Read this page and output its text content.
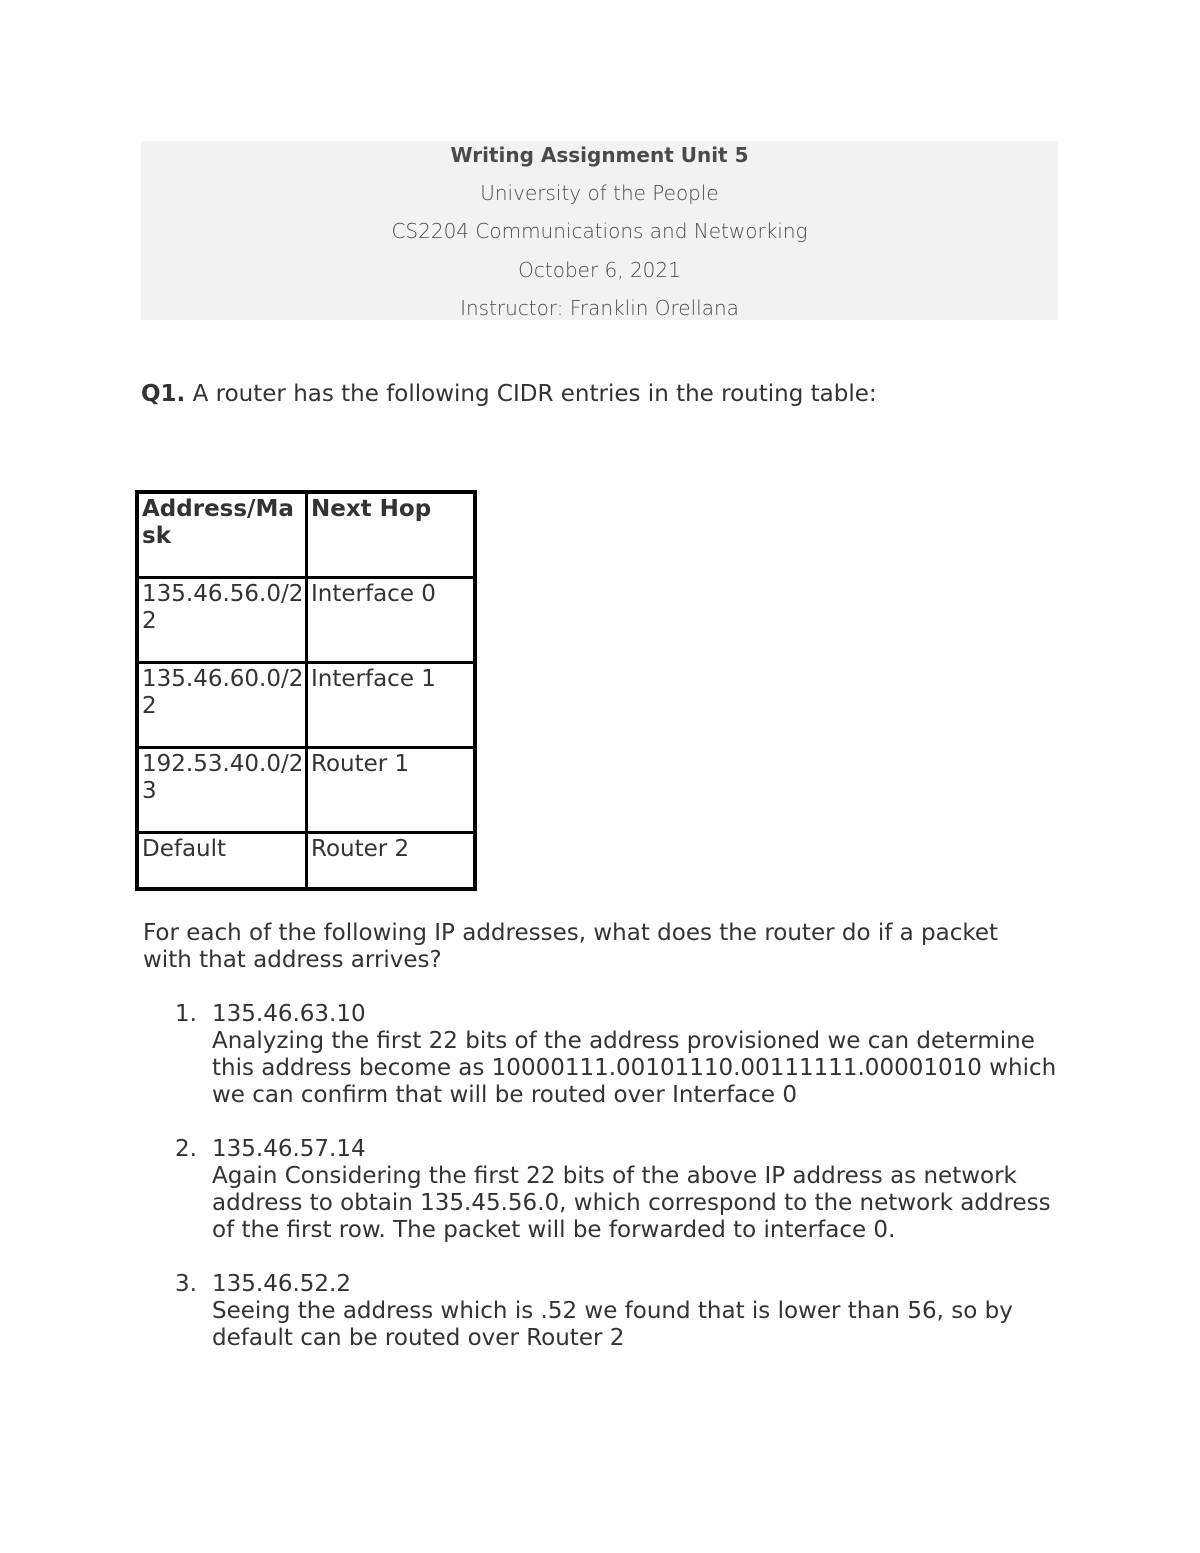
Writing Assignment Unit 5
University of the People
CS2204 Communications and Networking
October 6, 2021
Instructor: Franklin Orellana
Q1. A router has the following CIDR entries in the routing table:
Address/Mask	Next Hop
135.46.56.0/22	Interface 0
135.46.60.0/22	Interface 1
192.53.40.0/23	Router 1
Default	Router 2
For each of the following IP addresses, what does the router do if a packet with that address arrives?
1. 135.46.63.10
Analyzing the first 22 bits of the address provisioned we can determine this address become as 10000111.00101110.00111111.00001010 which we can confirm that will be routed over Interface 0
2. 135.46.57.14
Again Considering the first 22 bits of the above IP address as network address to obtain 135.45.56.0, which correspond to the network address of the first row. The packet will be forwarded to interface 0.
3. 135.46.52.2
Seeing the address which is .52 we found that is lower than 56, so by default can be routed over Router 2
